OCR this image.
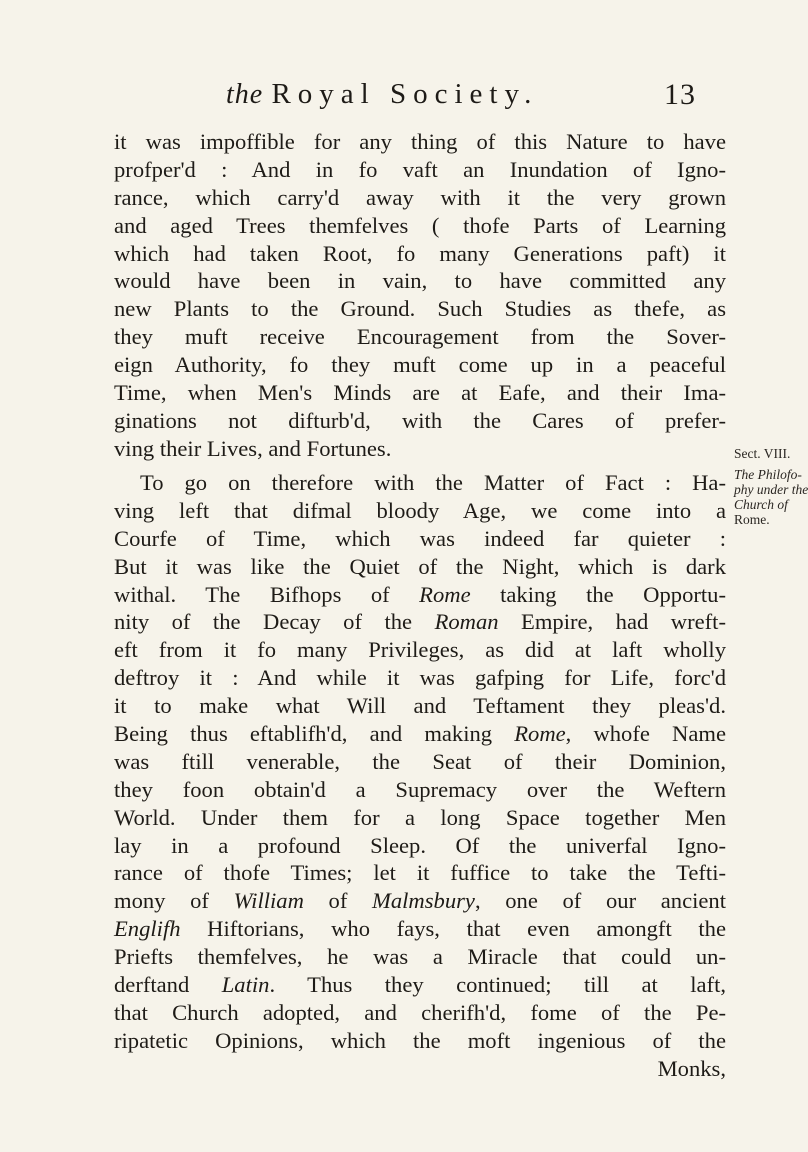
the Royal Society.	13
it was impoffible for any thing of this Nature to have
profper'd : And in fo vaft an Inundation of Igno-
rance, which carry'd away with it the very grown
and aged Trees themfelves ( thofe Parts of Learning
which had taken Root, fo many Generations paft) it
would have been in vain, to have committed any
new Plants to the Ground. Such Studies as thefe, as
they muft receive Encouragement from the Sover-
eign Authority, fo they muft come up in a peaceful
Time, when Men's Minds are at Eafe, and their Ima-
ginations not difturb'd, with the Cares of prefer-
ving their Lives, and Fortunes.
To go on therefore with the Matter of Fact : Ha-
ving left that difmal bloody Age, we come into a
Courfe of Time, which was indeed far quieter :
But it was like the Quiet of the Night, which is dark
withal. The Bifhops of Rome taking the Opportu-
nity of the Decay of the Roman Empire, had wreft-
eft from it fo many Privileges, as did at laft wholly
deftroy it : And while it was gafping for Life, forc'd
it to make what Will and Teftament they pleas'd.
Being thus eftablifh'd, and making Rome, whofe Name
was ftill venerable, the Seat of their Dominion,
they foon obtain'd a Supremacy over the Weftern
World. Under them for a long Space together Men
lay in a profound Sleep. Of the univerfal Igno-
rance of thofe Times; let it fuffice to take the Tefti-
mony of William of Malmsbury, one of our ancient
Englifh Hiftorians, who fays, that even amongft the
Priefts themfelves, he was a Miracle that could un-
derftand Latin. Thus they continued; till at laft,
that Church adopted, and cherifh'd, fome of the Pe-
ripatetic Opinions, which the moft ingenious of the
Monks,
Sect. VIII.
The Philofo-
phy under the
Church of
Rome.
